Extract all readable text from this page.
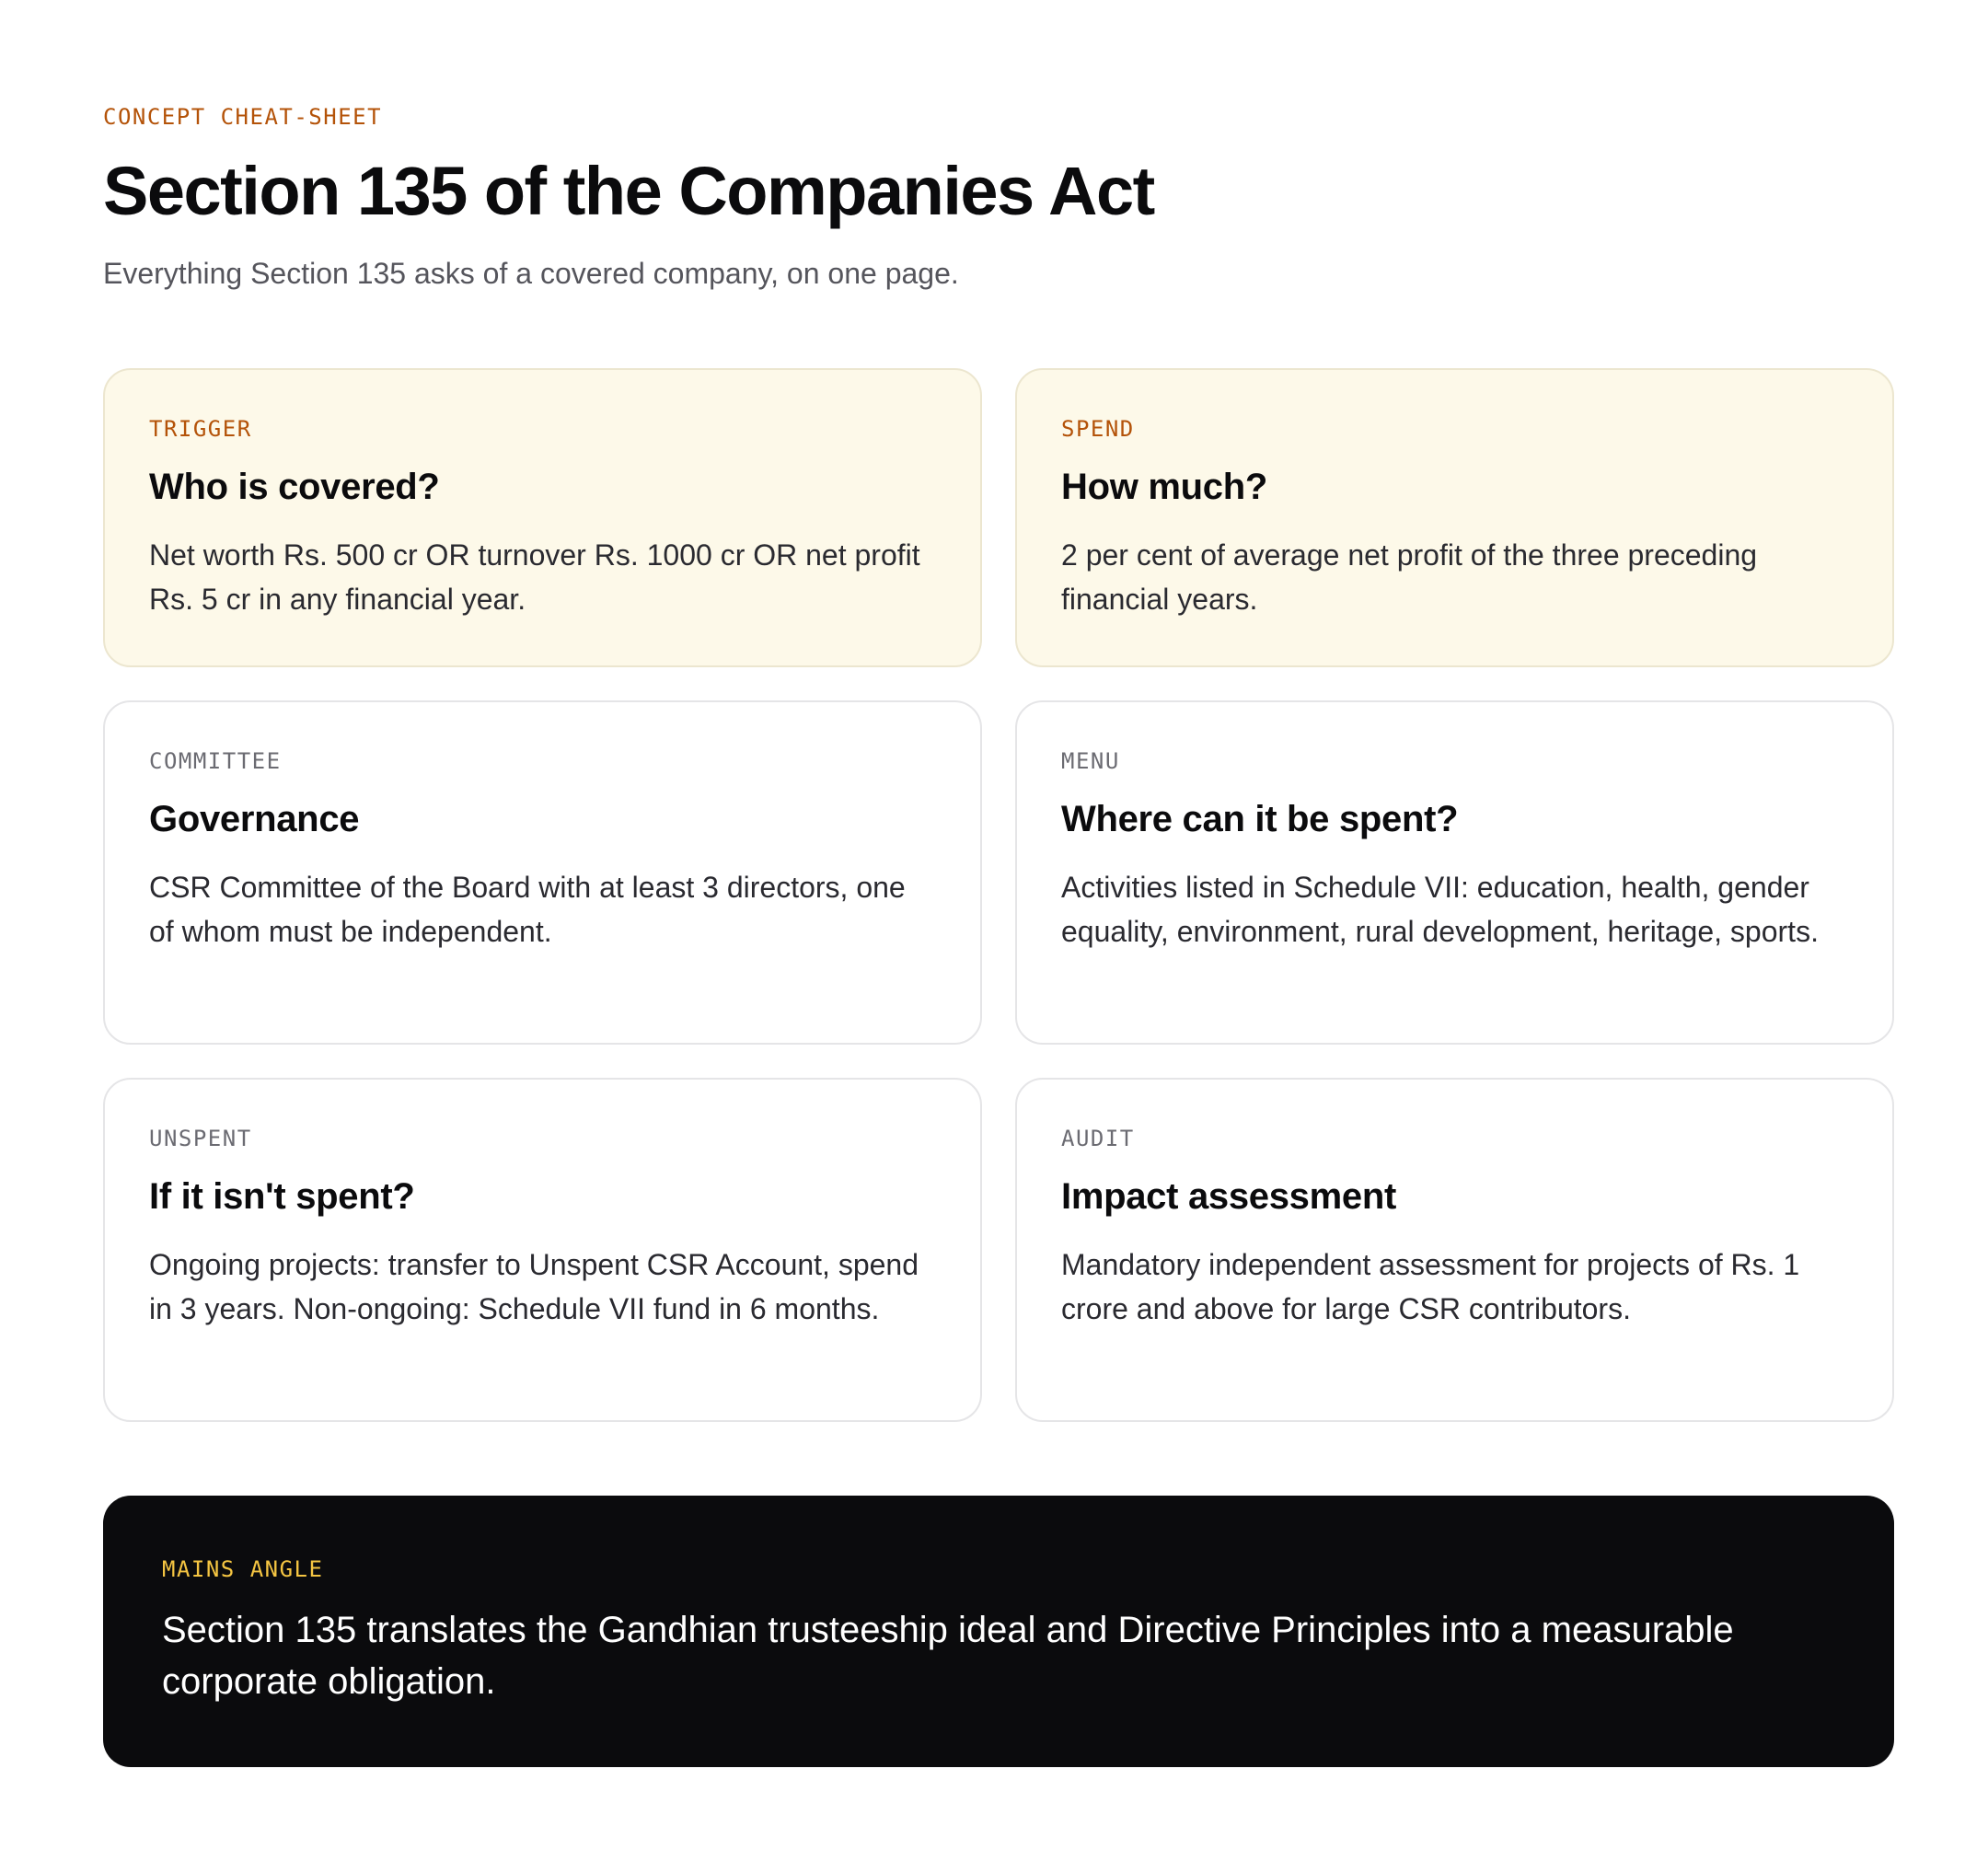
CONCEPT CHEAT-SHEET
Section 135 of the Companies Act
Everything Section 135 asks of a covered company, on one page.
TRIGGER
Who is covered?
Net worth Rs. 500 cr OR turnover Rs. 1000 cr OR net profit Rs. 5 cr in any financial year.
SPEND
How much?
2 per cent of average net profit of the three preceding financial years.
COMMITTEE
Governance
CSR Committee of the Board with at least 3 directors, one of whom must be independent.
MENU
Where can it be spent?
Activities listed in Schedule VII: education, health, gender equality, environment, rural development, heritage, sports.
UNSPENT
If it isn't spent?
Ongoing projects: transfer to Unspent CSR Account, spend in 3 years. Non-ongoing: Schedule VII fund in 6 months.
AUDIT
Impact assessment
Mandatory independent assessment for projects of Rs. 1 crore and above for large CSR contributors.
MAINS ANGLE
Section 135 translates the Gandhian trusteeship ideal and Directive Principles into a measurable corporate obligation.
